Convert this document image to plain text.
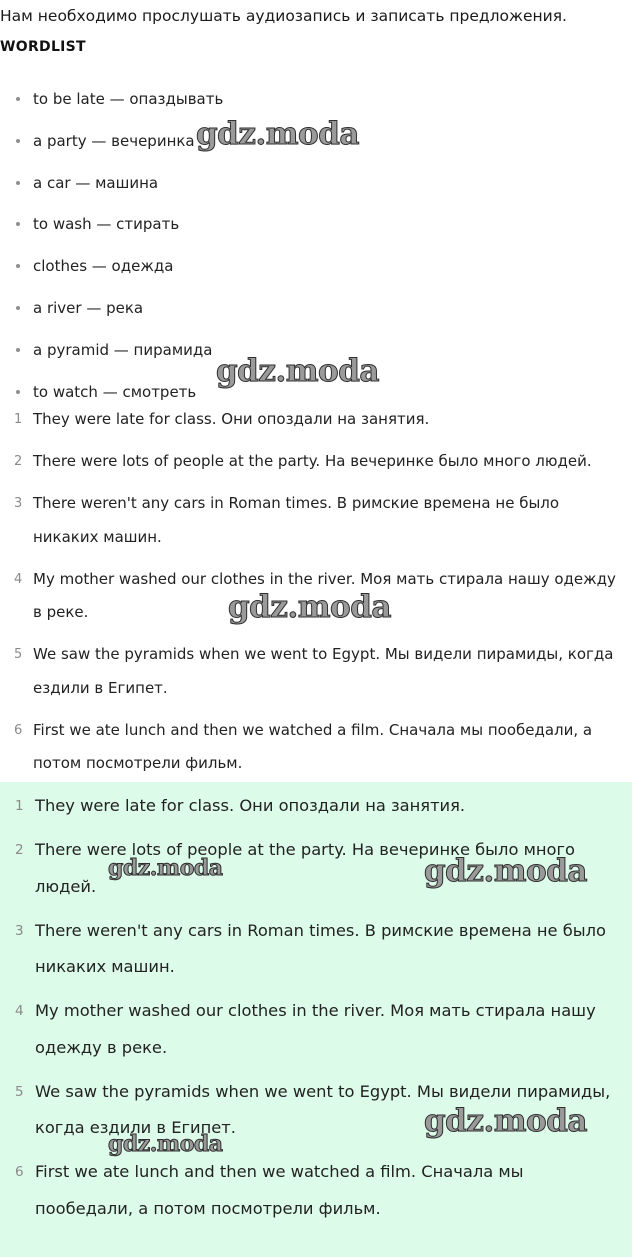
Нам необходимо прослушать аудиозапись и записать предложения.
WORDLIST
to be late — опаздывать
a party — вечеринка
a car — машина
to wash — стирать
clothes — одежда
a river — река
a pyramid — пирамида
to watch — смотреть
1 They were late for class. Они опоздали на занятия.
2 There were lots of people at the party. На вечеринке было много людей.
3 There weren't any cars in Roman times. В римские времена не было никаких машин.
4 My mother washed our clothes in the river. Моя мать стирала нашу одежду в реке.
5 We saw the pyramids when we went to Egypt. Мы видели пирамиды, когда ездили в Египет.
6 First we ate lunch and then we watched a film. Сначала мы пообедали, а потом посмотрели фильм.
1 They were late for class. Они опоздали на занятия.
2 There were lots of people at the party. На вечеринке было много людей.
3 There weren't any cars in Roman times. В римские времена не было никаких машин.
4 My mother washed our clothes in the river. Моя мать стирала нашу одежду в реке.
5 We saw the pyramids when we went to Egypt. Мы видели пирамиды, когда ездили в Египет.
6 First we ate lunch and then we watched a film. Сначала мы пообедали, а потом посмотрели фильм.
gdz.moda
gdz.moda
gdz.moda
gdz.moda	gdz.moda
gdz.moda
gdz.moda
